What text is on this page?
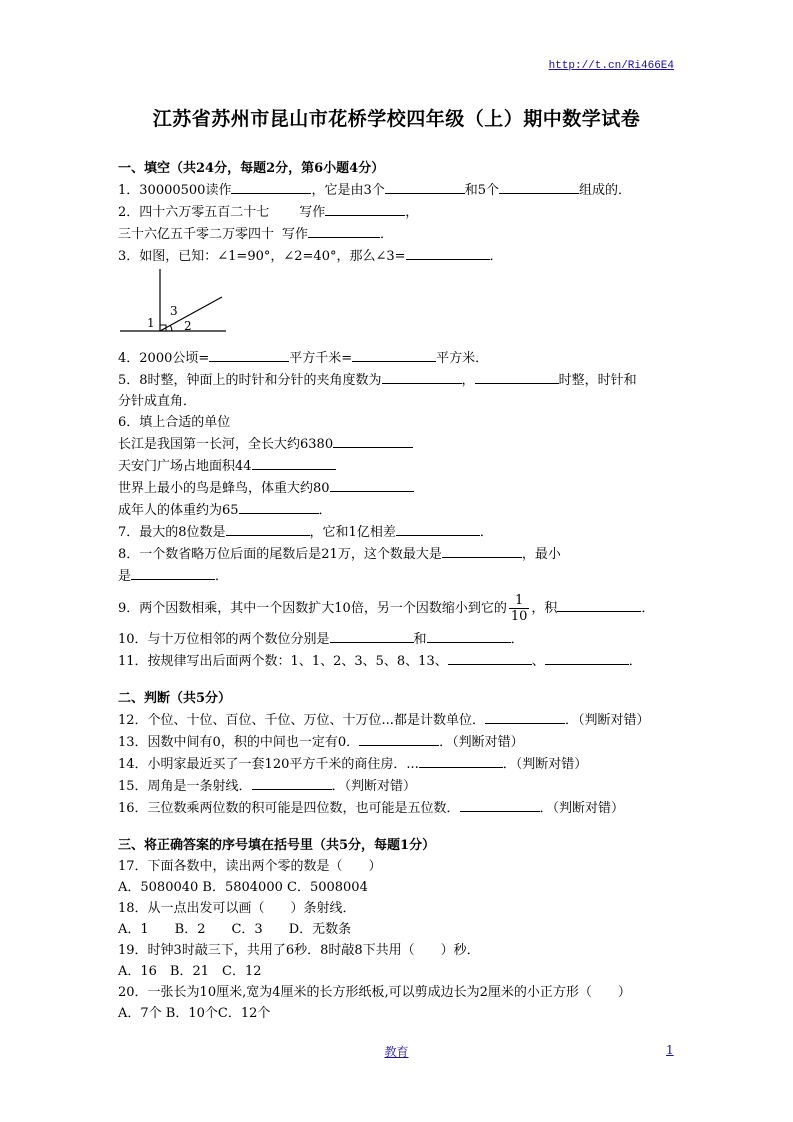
http://t.cn/Ri466E4
江苏省苏州市昆山市花桥学校四年级（上）期中数学试卷
一、填空（共24分，每题2分，第6小题4分）
1．30000500读作	，它是由3个	和5个	组成的．
2．四十六万零五百二十七 写作	，
三十六亿五千零二万零四十 写作	．
3．如图，已知：∠1=90°，∠2=40°，那么∠3=	．
1 2
3
4．2000公顷=	平方千米=	平方米．
5．8时整，钟面上的时针和分针的夹角度数为	，	时整，时针和
分针成直角．
6．填上合适的单位
长江是我国第一长河，全长大约6380
天安门广场占地面积44
世界上最小的鸟是蜂鸟，体重大约80
成年人的体重约为65	．
7．最大的8位数是	，它和1亿相差	．
8．一个数省略万位后面的尾数后是21万，这个数最大是	，最小
是	．
9．两个因数相乘，其中一个因数扩大10倍，另一个因数缩小到它的 $\frac{1}{10}$ ，积	．
10．与十万位相邻的两个数位分别是	和	．
11．按规律写出后面两个数：1、1、2、3、5、8、13、	、	．
二、判断（共5分）
12．个位、十位、百位、千位、万位、十万位...都是计数单位．	．（判断对错）
13．因数中间有0，积的中间也一定有0．	．（判断对错）
14．小明家最近买了一套120平方千米的商住房．...	．（判断对错）
15．周角是一条射线．	．（判断对错）
16．三位数乘两位数的积可能是四位数，也可能是五位数．	．（判断对错）
三、将正确答案的序号填在括号里（共5分，每题1分）
17．下面各数中，读出两个零的数是（　　）
A．5080040 B．5804000 C．5008004
18．从一点出发可以画（　　）条射线．
A．1　　B．2　　C．3　　D．无数条
19．时钟3时敲三下，共用了6秒．8时敲8下共用（　　）秒．
A．16　B．21　C．12
20．一张长为10厘米,宽为4厘米的长方形纸板,可以剪成边长为2厘米的小正方形（　　）
A．7个 B．10个C．12个
教育	1
